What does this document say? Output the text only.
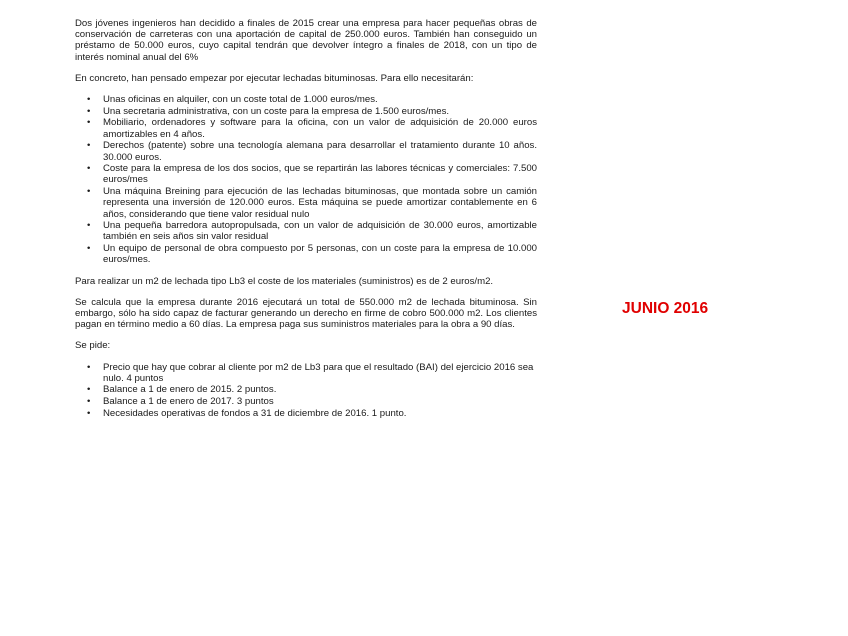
Dos jóvenes ingenieros han decidido a finales de 2015 crear una empresa para hacer pequeñas obras de conservación de carreteras con una aportación de capital de 250.000 euros. También han conseguido un préstamo de 50.000 euros, cuyo capital tendrán que devolver íntegro a finales de 2018, con un tipo de interés nominal anual del 6%

En concreto, han pensado empezar por ejecutar lechadas bituminosas. Para ello necesitarán:

• Unas oficinas en alquiler, con un coste total de 1.000 euros/mes.
• Una secretaria administrativa, con un coste para la empresa de 1.500 euros/mes.
• Mobiliario, ordenadores y software para la oficina, con un valor de adquisición de 20.000 euros amortizables en 4 años.
• Derechos (patente) sobre una tecnología alemana para desarrollar el tratamiento durante 10 años. 30.000 euros.
• Coste para la empresa de los dos socios, que se repartirán las labores técnicas y comerciales: 7.500 euros/mes
• Una máquina Breining para ejecución de las lechadas bituminosas, que montada sobre un camión representa una inversión de 120.000 euros. Esta máquina se puede amortizar contablemente en 6 años, considerando que tiene valor residual nulo
• Una pequeña barredora autopropulsada, con un valor de adquisición de 30.000 euros, amortizable también en seis años sin valor residual
• Un equipo de personal de obra compuesto por 5 personas, con un coste para la empresa de 10.000 euros/mes.

Para realizar un m2 de lechada tipo Lb3 el coste de los materiales (suministros) es de 2 euros/m2.

Se calcula que la empresa durante 2016 ejecutará un total de 550.000 m2 de lechada bituminosa. Sin embargo, sólo ha sido capaz de facturar generando un derecho en firme de cobro 500.000 m2. Los clientes pagan en término medio a 60 días. La empresa paga sus suministros materiales para la obra a 90 días.

Se pide:

• Precio que hay que cobrar al cliente por m2 de Lb3 para que el resultado (BAI) del ejercicio 2016 sea nulo. 4 puntos
• Balance a 1 de enero de 2015. 2 puntos.
• Balance a 1 de enero de 2017. 3 puntos
• Necesidades operativas de fondos a 31 de diciembre de 2016. 1 punto.
JUNIO 2016
